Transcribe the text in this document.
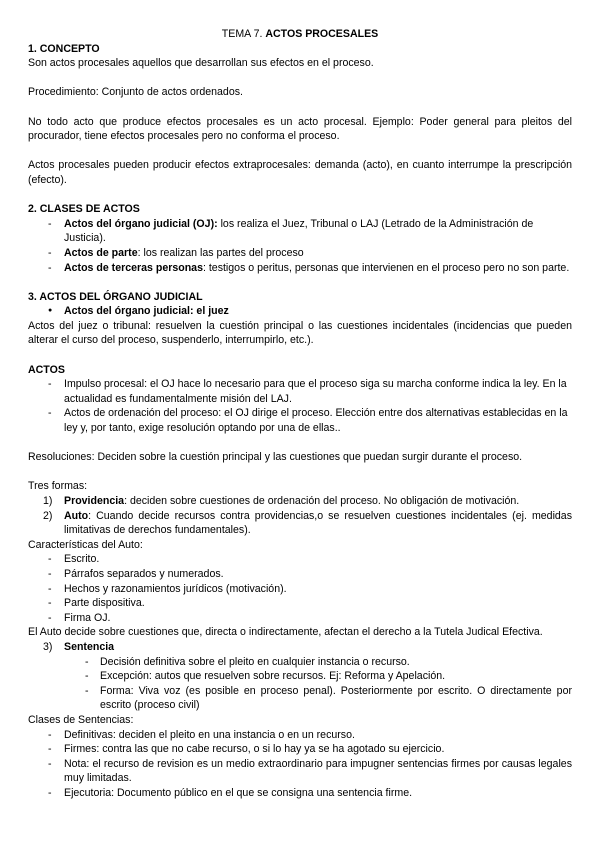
TEMA 7. ACTOS PROCESALES

1. CONCEPTO

Son actos procesales aquellos que desarrollan sus efectos en el proceso.

Procedimiento: Conjunto de actos ordenados.

No todo acto que produce efectos procesales es un acto procesal. Ejemplo: Poder general para pleitos del procurador, tiene efectos procesales pero no conforma el proceso.

Actos procesales pueden producir efectos extraprocesales: demanda (acto), en cuanto interrumpe la prescripción (efecto).

2. CLASES DE ACTOS

- Actos del órgano judicial (OJ): los realiza el Juez, Tribunal o LAJ (Letrado de la Administración de Justicia).
- Actos de parte: los realizan las partes del proceso
- Actos de terceras personas: testigos o peritus, personas que intervienen en el proceso pero no son parte.

3. ACTOS DEL ÓRGANO JUDICIAL

● Actos del órgano judicial: el juez

Actos del juez o tribunal: resuelven la cuestión principal o las cuestiones incidentales (incidencias que pueden alterar el curso del proceso, suspenderlo, interrumpirlo, etc.).

ACTOS

- Impulso procesal: el OJ hace lo necesario para que el proceso siga su marcha conforme indica la ley. En la actualidad es fundamentalmente misión del LAJ.
- Actos de ordenación del proceso: el OJ dirige el proceso. Elección entre dos alternativas establecidas en la ley y, por tanto, exige resolución optando por una de ellas..

Resoluciones: Deciden sobre la cuestión principal y las cuestiones que puedan surgir durante el proceso.

Tres formas:

1) Providencia: deciden sobre cuestiones de ordenación del proceso. No obligación de motivación.
2) Auto: Cuando decide recursos contra providencias,o se resuelven cuestiones incidentales (ej. medidas limitativas de derechos fundamentales).

Características del Auto:

- Escrito.
- Párrafos separados y numerados.
- Hechos y razonamientos jurídicos (motivación).
- Parte dispositiva.
- Firma OJ.

El Auto decide sobre cuestiones que, directa o indirectamente, afectan el derecho a la Tutela Judical Efectiva.

3) Sentencia
- Decisión definitiva sobre el pleito en cualquier instancia o recurso.
- Excepción: autos que resuelven sobre recursos. Ej: Reforma y Apelación.
- Forma: Viva voz (es posible en proceso penal). Posteriormente por escrito. O directamente por escrito (proceso civil)

Clases de Sentencias:

- Definitivas: deciden el pleito en una instancia o en un recurso.
- Firmes: contra las que no cabe recurso, o si lo hay ya se ha agotado su ejercicio.
- Nota: el recurso de revision es un medio extraordinario para impugner sentencias firmes por causas legales muy limitadas.
- Ejecutoria: Documento público en el que se consigna una sentencia firme.
